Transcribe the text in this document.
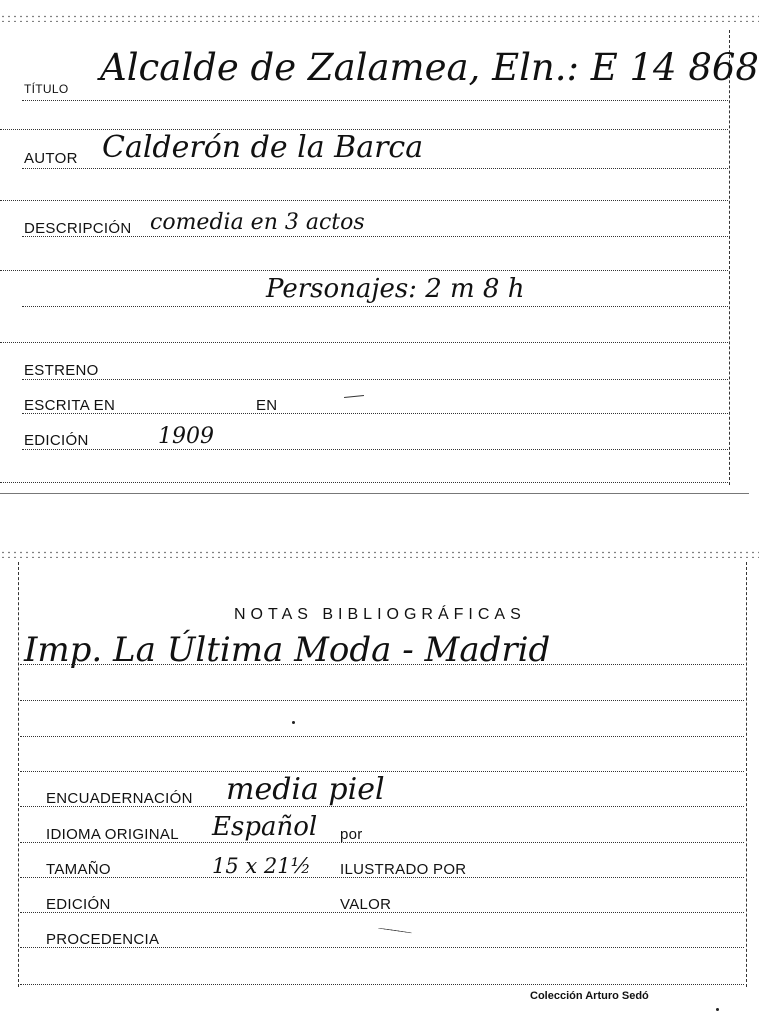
TÍTULO Alcalde de Zalamea, Eln.: E 14 868
AUTOR Calderón de la Barca
DESCRIPCIÓN comedia en 3 actos
Personajes: 2 m 8 h
ESTRENO
ESCRITA EN	EN
EDICIÓN	1909
NOTAS BIBLIOGRÁFICAS
Imp. La Última Moda - Madrid
ENCUADERNACIÓN media piel
IDIOMA ORIGINAL Español por
TAMAÑO	15 x 21½ ILUSTRADO POR
EDICIÓN	VALOR
PROCEDENCIA
Colección Arturo Sedó
